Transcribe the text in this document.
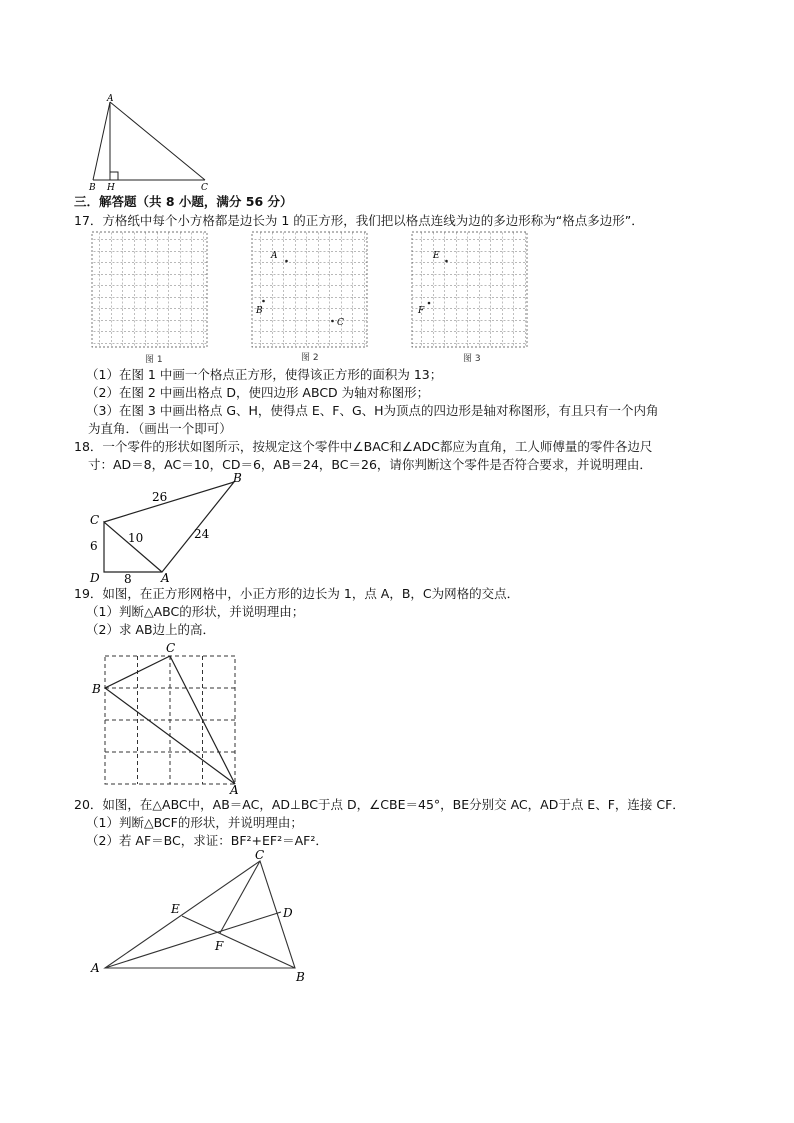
A
B H	C
三．解答题（共 8 小题，满分 56 分）
17．方格纸中每个小方格都是边长为 1 的正方形，我们把以格点连线为边的多边形称为“格点多边形”．
A
B
C
E
F
图 1	图 2	图 3
（1）在图 1 中画一个格点正方形，使得该正方形的面积为 13；
（2）在图 2 中画出格点 D，使四边形 ABCD 为轴对称图形；
（3）在图 3 中画出格点 G、H，使得点 E、F、G、H为顶点的四边形是轴对称图形，有且只有一个内角
为直角．（画出一个即可）
18．一个零件的形状如图所示，按规定这个零件中∠BAC和∠ADC都应为直角，工人师傅量的零件各边尺
寸：AD＝8，AC＝10，CD＝6，AB＝24，BC＝26，请你判断这个零件是否符合要求，并说明理由．
B
C
D	A
26
10	24
6
8
19．如图，在正方形网格中，小正方形的边长为 1，点 A，B，C为网格的交点．
（1）判断△ABC的形状，并说明理由；
（2）求 AB边上的高．
C
B
A
20．如图，在△ABC中，AB＝AC，AD⊥BC于点 D，∠CBE＝45°，BE分别交 AC，AD于点 E、F，连接 CF．
（1）判断△BCF的形状，并说明理由；
（2）若 AF＝BC，求证：BF²+EF²＝AF²．
C
E	D
F
A
B
